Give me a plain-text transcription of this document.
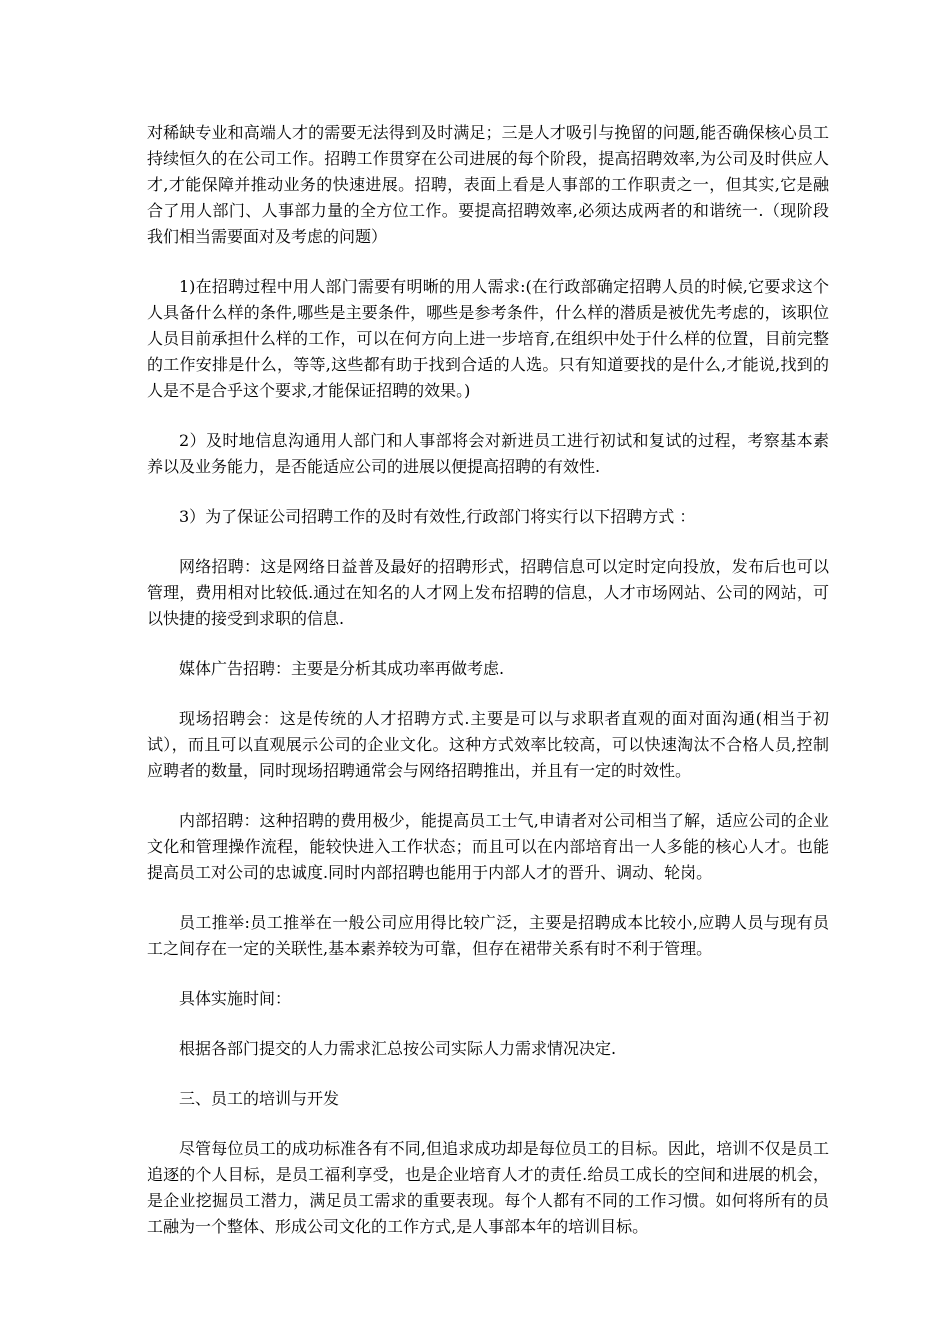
对稀缺专业和高端人才的需要无法得到及时满足；三是人才吸引与挽留的问题,能否确保核心员工持续恒久的在公司工作。招聘工作贯穿在公司进展的每个阶段，提高招聘效率,为公司及时供应人才,才能保障并推动业务的快速进展。招聘，表面上看是人事部的工作职责之一，但其实,它是融合了用人部门、人事部力量的全方位工作。要提高招聘效率,必须达成两者的和谐统一.（现阶段我们相当需要面对及考虑的问题）

1)在招聘过程中用人部门需要有明晰的用人需求:(在行政部确定招聘人员的时候,它要求这个人具备什么样的条件,哪些是主要条件，哪些是参考条件，什么样的潜质是被优先考虑的，该职位人员目前承担什么样的工作，可以在何方向上进一步培育,在组织中处于什么样的位置，目前完整的工作安排是什么，等等,这些都有助于找到合适的人选。只有知道要找的是什么,才能说,找到的人是不是合乎这个要求,才能保证招聘的效果。)

2）及时地信息沟通用人部门和人事部将会对新进员工进行初试和复试的过程，考察基本素养以及业务能力，是否能适应公司的进展以便提高招聘的有效性.

3）为了保证公司招聘工作的及时有效性,行政部门将实行以下招聘方式 ：

网络招聘：这是网络日益普及最好的招聘形式，招聘信息可以定时定向投放，发布后也可以管理，费用相对比较低.通过在知名的人才网上发布招聘的信息，人才市场网站、公司的网站，可以快捷的接受到求职的信息.

媒体广告招聘：主要是分析其成功率再做考虑.

现场招聘会：这是传统的人才招聘方式.主要是可以与求职者直观的面对面沟通(相当于初试），而且可以直观展示公司的企业文化。这种方式效率比较高，可以快速淘汰不合格人员,控制应聘者的数量，同时现场招聘通常会与网络招聘推出，并且有一定的时效性。

内部招聘：这种招聘的费用极少，能提高员工士气,申请者对公司相当了解，适应公司的企业文化和管理操作流程，能较快进入工作状态；而且可以在内部培育出一人多能的核心人才。也能提高员工对公司的忠诚度.同时内部招聘也能用于内部人才的晋升、调动、轮岗。

员工推举:员工推举在一般公司应用得比较广泛，主要是招聘成本比较小,应聘人员与现有员工之间存在一定的关联性,基本素养较为可靠，但存在裙带关系有时不利于管理。

具体实施时间：

根据各部门提交的人力需求汇总按公司实际人力需求情况决定.

三、员工的培训与开发

尽管每位员工的成功标准各有不同,但追求成功却是每位员工的目标。因此，培训不仅是员工追逐的个人目标，是员工福利享受，也是企业培育人才的责任.给员工成长的空间和进展的机会，是企业挖掘员工潜力，满足员工需求的重要表现。每个人都有不同的工作习惯。如何将所有的员工融为一个整体、形成公司文化的工作方式,是人事部本年的培训目标。
